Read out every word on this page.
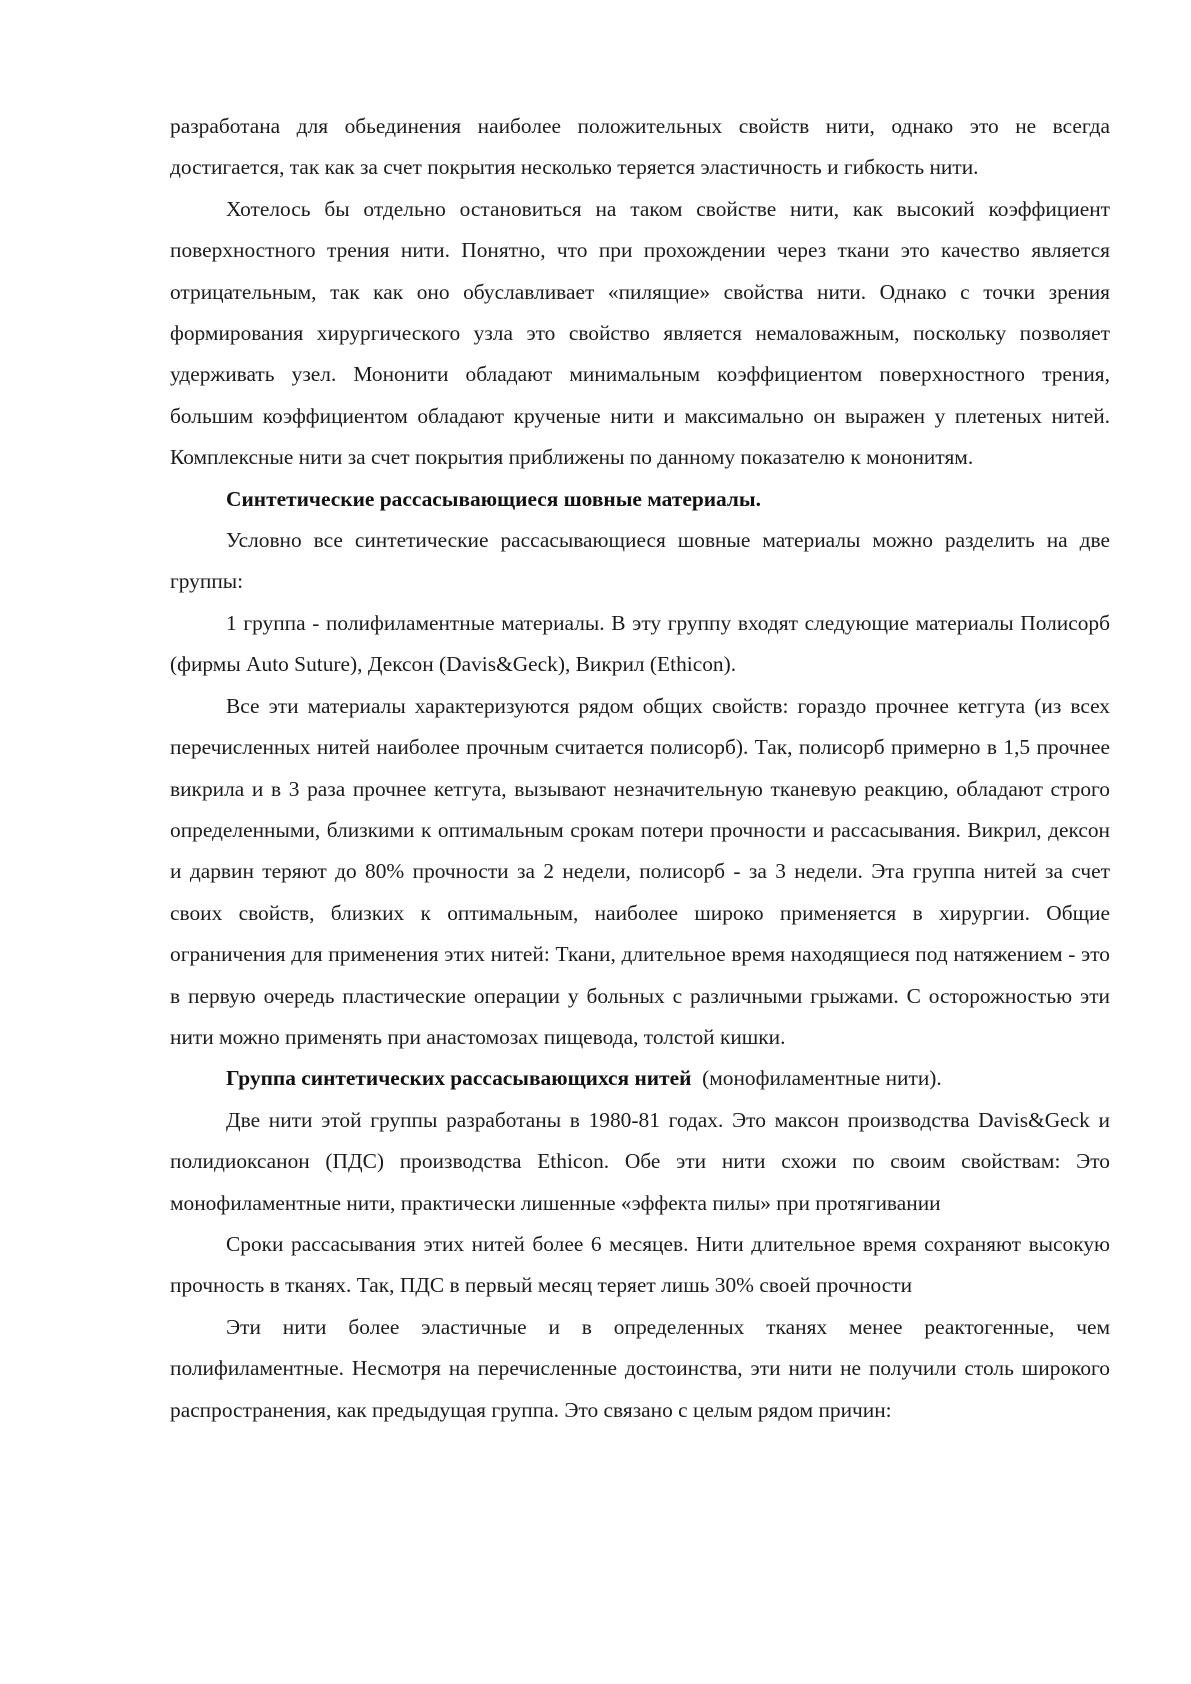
разработана для обьединения наиболее положительных свойств нити, однако это не всегда достигается, так как за счет покрытия несколько теряется эластичность и гибкость нити.

Хотелось бы отдельно остановиться на таком свойстве нити, как высокий коэффициент поверхностного трения нити. Понятно, что при прохождении через ткани это качество является отрицательным, так как оно обуславливает «пилящие» свойства нити. Однако с точки зрения формирования хирургического узла это свойство является немаловажным, поскольку позволяет удерживать узел. Мононити обладают минимальным коэффициентом поверхностного трения, большим коэффициентом обладают крученые нити и максимально он выражен у плетеных нитей. Комплексные нити за счет покрытия приближены по данному показателю к мононитям.

Синтетические рассасывающиеся шовные материалы.

Условно все синтетические рассасывающиеся шовные материалы можно разделить на две группы:

1 группа - полифиламентные материалы. В эту группу входят следующие материалы Полисорб (фирмы Auto Suture), Дексон (Davis&Geck), Викрил (Ethicon).

Все эти материалы характеризуются рядом общих свойств: гораздо прочнее кетгута (из всех перечисленных нитей наиболее прочным считается полисорб). Так, полисорб примерно в 1,5 прочнее викрила и в 3 раза прочнее кетгута, вызывают незначительную тканевую реакцию, обладают строго определенными, близкими к оптимальным срокам потери прочности и рассасывания. Викрил, дексон и дарвин теряют до 80% прочности за 2 недели, полисорб - за 3 недели. Эта группа нитей за счет своих свойств, близких к оптимальным, наиболее широко применяется в хирургии. Общие ограничения для применения этих нитей: Ткани, длительное время находящиеся под натяжением - это в первую очередь пластические операции у больных с различными грыжами. С осторожностью эти нити можно применять при анастомозах пищевода, толстой кишки.

Группа синтетических рассасывающихся нитей  (монофиламентные нити).

Две нити этой группы разработаны в 1980-81 годах. Это максон производства Davis&Geck и полидиоксанон (ПДС) производства Ethicon. Обе эти нити схожи по своим свойствам: Это монофиламентные нити, практически лишенные «эффекта пилы» при протягивании

Сроки рассасывания этих нитей более 6 месяцев. Нити длительное время сохраняют высокую прочность в тканях. Так, ПДС в первый месяц теряет лишь 30% своей прочности

Эти нити более эластичные и в определенных тканях менее реактогенные, чем полифиламентные. Несмотря на перечисленные достоинства, эти нити не получили столь широкого распространения, как предыдущая группа. Это связано с целым рядом причин:
